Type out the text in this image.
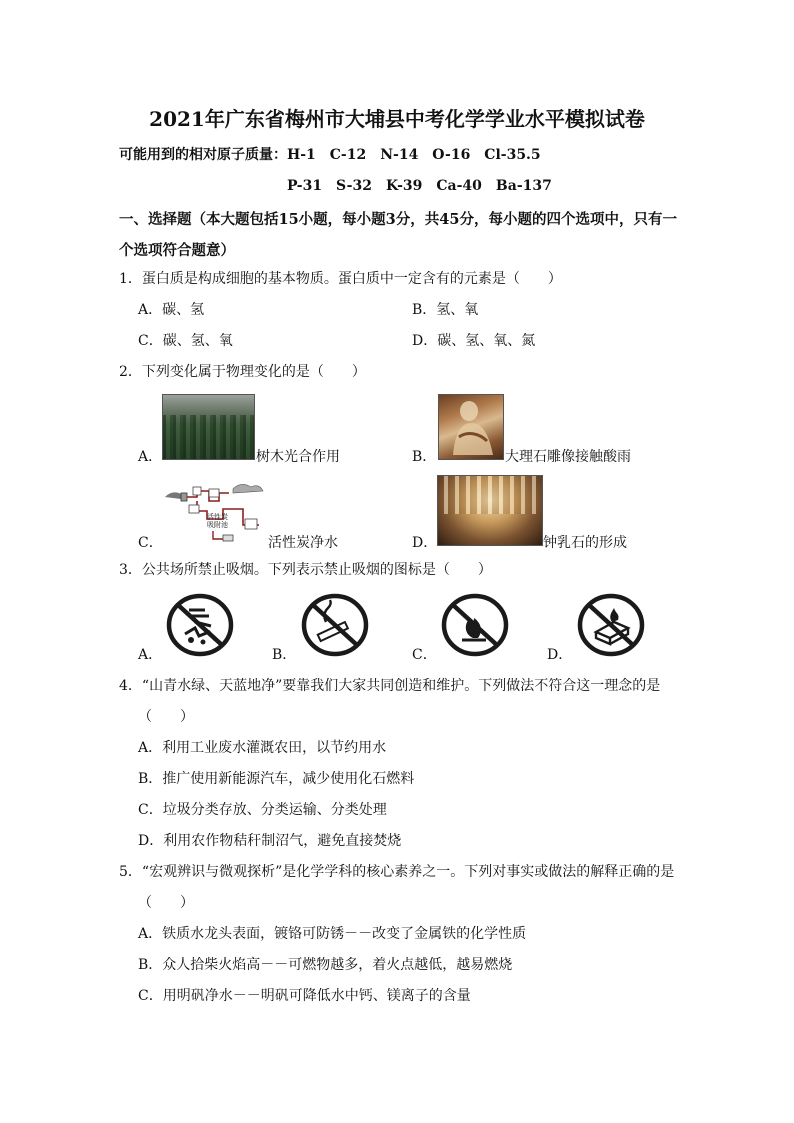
2021年广东省梅州市大埔县中考化学学业水平模拟试卷
可能用到的相对原子质量：H-1　C-12　N-14　O-16　Cl-35.5
P-31　S-32　K-39　Ca-40　Ba-137
一、选择题（本大题包括15小题，每小题3分，共45分，每小题的四个选项中，只有一
个选项符合题意）
1．蛋白质是构成细胞的基本物质。蛋白质中一定含有的元素是（　　）
A．碳、氢	B．氢、氧
C．碳、氢、氧	D．碳、氢、氧、氮
2．下列变化属于物理变化的是（　　）
A．	树木光合作用	B．	大理石雕像接触酸雨
活性炭
吸附池
C．	活性炭净水	D．	钟乳石的形成
3．公共场所禁止吸烟。下列表示禁止吸烟的图标是（　　）
A．	B．	C．	D．
4．“山青水绿、天蓝地净”要靠我们大家共同创造和维护。下列做法不符合这一理念的是
（　　）
A．利用工业废水灌溉农田，以节约用水
B．推广使用新能源汽车，减少使用化石燃料
C．垃圾分类存放、分类运输、分类处理
D．利用农作物秸秆制沼气，避免直接焚烧
5．“宏观辨识与微观探析”是化学学科的核心素养之一。下列对事实或做法的解释正确的是
（　　）
A．铁质水龙头表面，镀铬可防锈－－改变了金属铁的化学性质
B．众人拾柴火焰高－－可燃物越多，着火点越低，越易燃烧
C．用明矾净水－－明矾可降低水中钙、镁离子的含量
